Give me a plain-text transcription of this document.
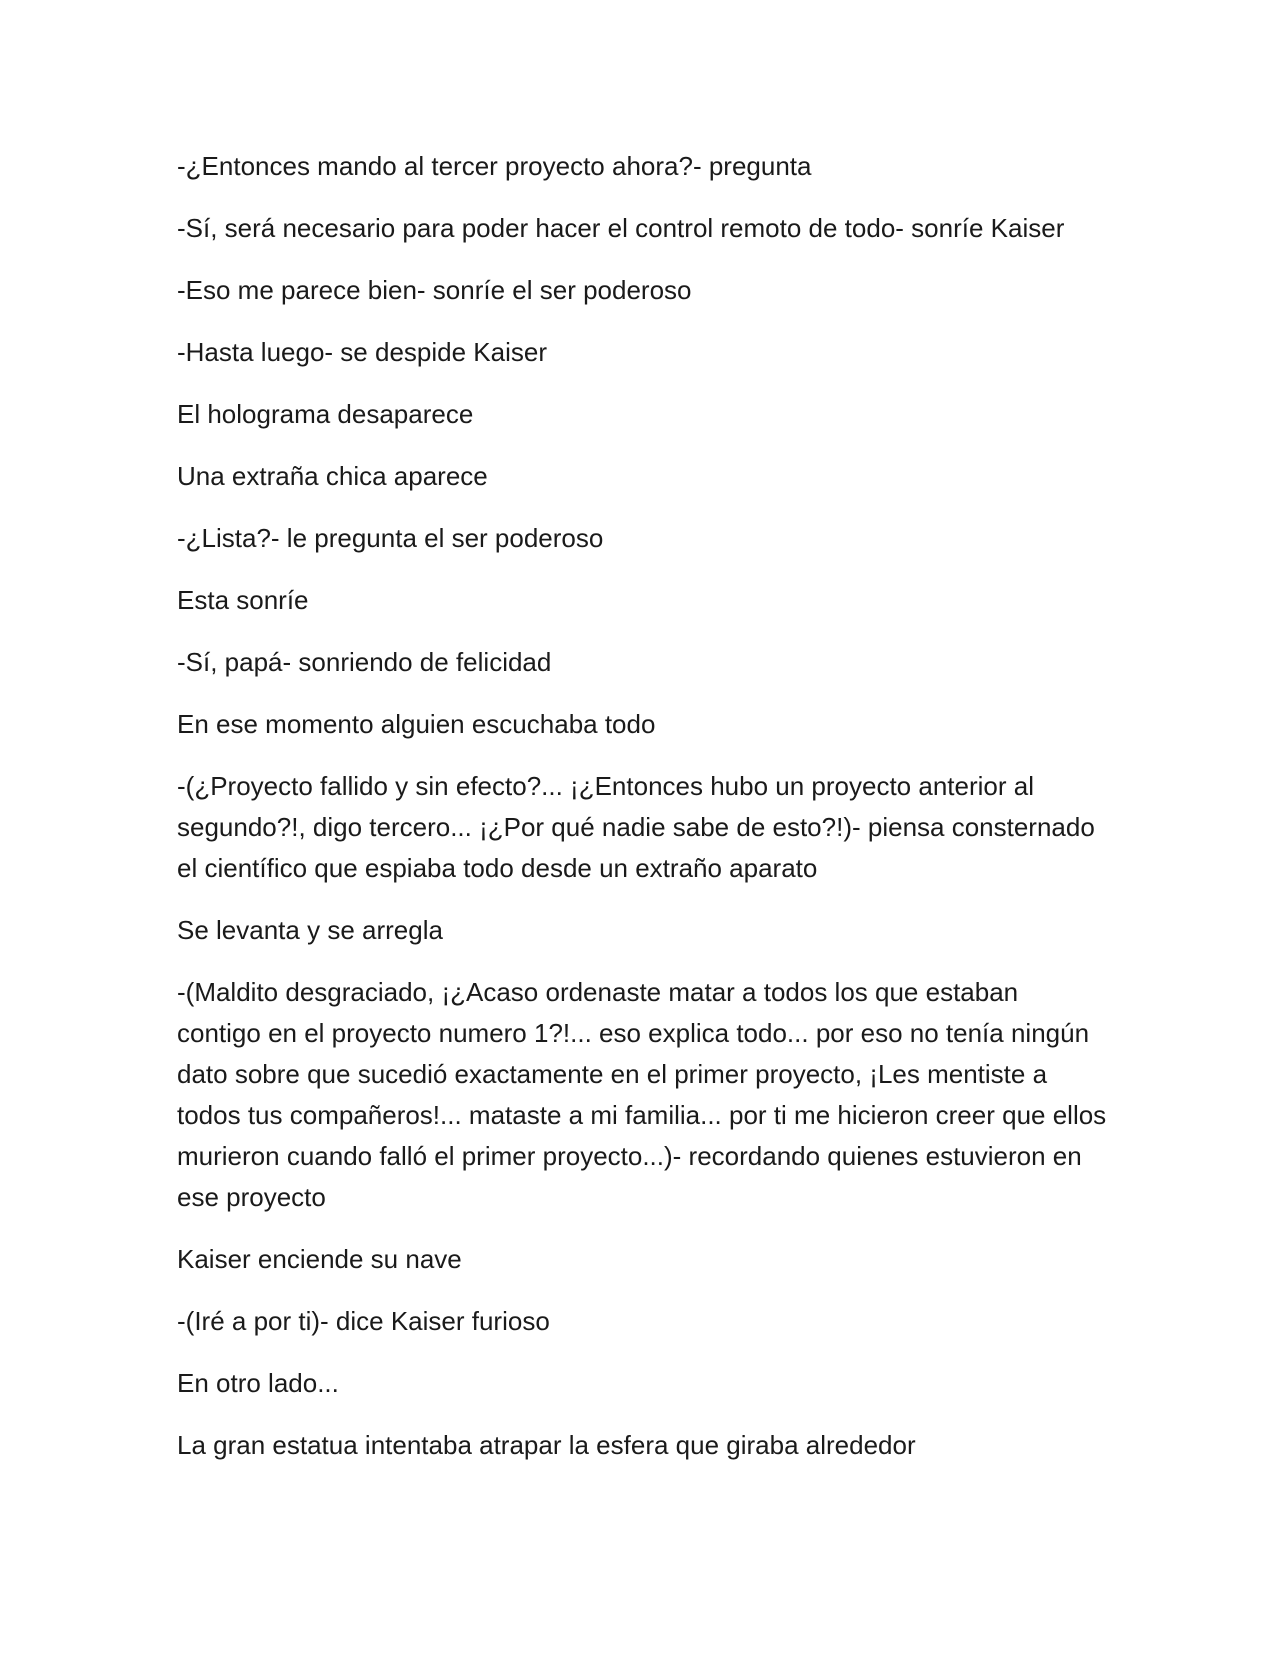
-¿Entonces mando al tercer proyecto ahora?- pregunta

-Sí, será necesario para poder hacer el control remoto de todo- sonríe Kaiser

-Eso me parece bien- sonríe el ser poderoso

-Hasta luego- se despide Kaiser

El holograma desaparece

Una extraña chica aparece

-¿Lista?- le pregunta el ser poderoso

Esta sonríe

-Sí, papá- sonriendo de felicidad

En ese momento alguien escuchaba todo

-(¿Proyecto fallido y sin efecto?... ¡¿Entonces hubo un proyecto anterior al segundo?!, digo tercero... ¡¿Por qué nadie sabe de esto?!)- piensa consternado el científico que espiaba todo desde un extraño aparato

Se levanta y se arregla

-(Maldito desgraciado, ¡¿Acaso ordenaste matar a todos los que estaban contigo en el proyecto numero 1?!... eso explica todo... por eso no tenía ningún dato sobre que sucedió exactamente en el primer proyecto, ¡Les mentiste a todos tus compañeros!... mataste a mi familia... por ti me hicieron creer que ellos murieron cuando falló el primer proyecto...)- recordando quienes estuvieron en ese proyecto

Kaiser enciende su nave

-(Iré a por ti)- dice Kaiser furioso

En otro lado...

La gran estatua intentaba atrapar la esfera que giraba alrededor
